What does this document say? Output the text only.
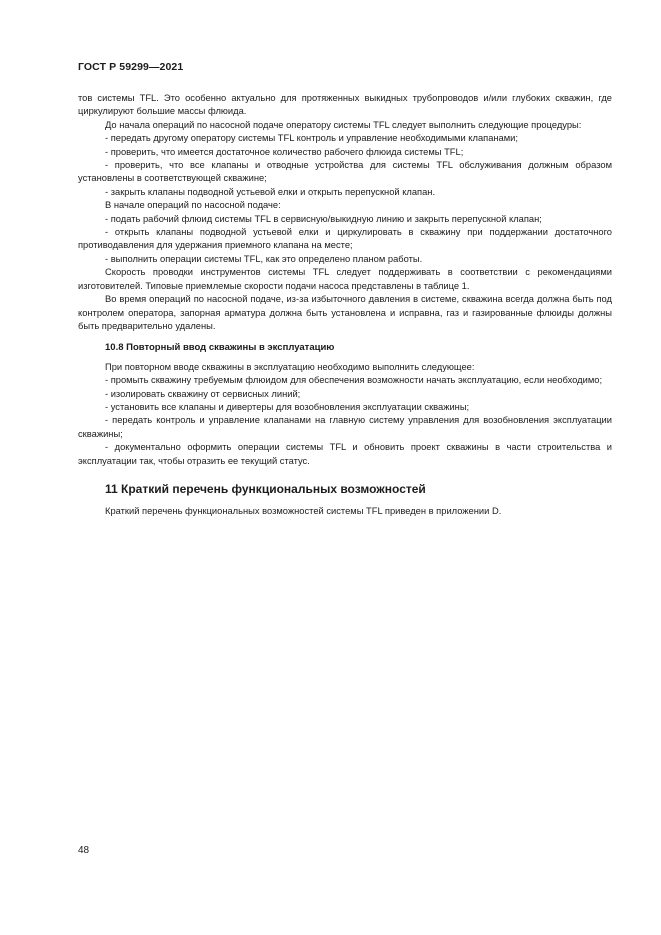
ГОСТ Р 59299—2021

тов системы TFL. Это особенно актуально для протяженных выкидных трубопроводов и/или глубоких скважин, где циркулируют большие массы флюида.

До начала операций по насосной подаче оператору системы TFL следует выполнить следующие процедуры:

- передать другому оператору системы TFL контроль и управление необходимыми клапанами;

- проверить, что имеется достаточное количество рабочего флюида системы TFL;

- проверить, что все клапаны и отводные устройства для системы TFL обслуживания должным образом установлены в соответствующей скважине;

- закрыть клапаны подводной устьевой елки и открыть перепускной клапан.

В начале операций по насосной подаче:

- подать рабочий флюид системы TFL в сервисную/выкидную линию и закрыть перепускной клапан;

- открыть клапаны подводной устьевой елки и циркулировать в скважину при поддержании достаточного противодавления для удержания приемного клапана на месте;

- выполнить операции системы TFL, как это определено планом работы.

Скорость проводки инструментов системы TFL следует поддерживать в соответствии с рекомендациями изготовителей. Типовые приемлемые скорости подачи насоса представлены в таблице 1.

Во время операций по насосной подаче, из-за избыточного давления в системе, скважина всегда должна быть под контролем оператора, запорная арматура должна быть установлена и исправна, газ и газированные флюиды должны быть предварительно удалены.

10.8 Повторный ввод скважины в эксплуатацию

При повторном вводе скважины в эксплуатацию необходимо выполнить следующее:

- промыть скважину требуемым флюидом для обеспечения возможности начать эксплуатацию, если необходимо;

- изолировать скважину от сервисных линий;

- установить все клапаны и дивертеры для возобновления эксплуатации скважины;

- передать контроль и управление клапанами на главную систему управления для возобновления эксплуатации скважины;

- документально оформить операции системы TFL и обновить проект скважины в части строительства и эксплуатации так, чтобы отразить ее текущий статус.

11 Краткий перечень функциональных возможностей

Краткий перечень функциональных возможностей системы TFL приведен в приложении D.

48
